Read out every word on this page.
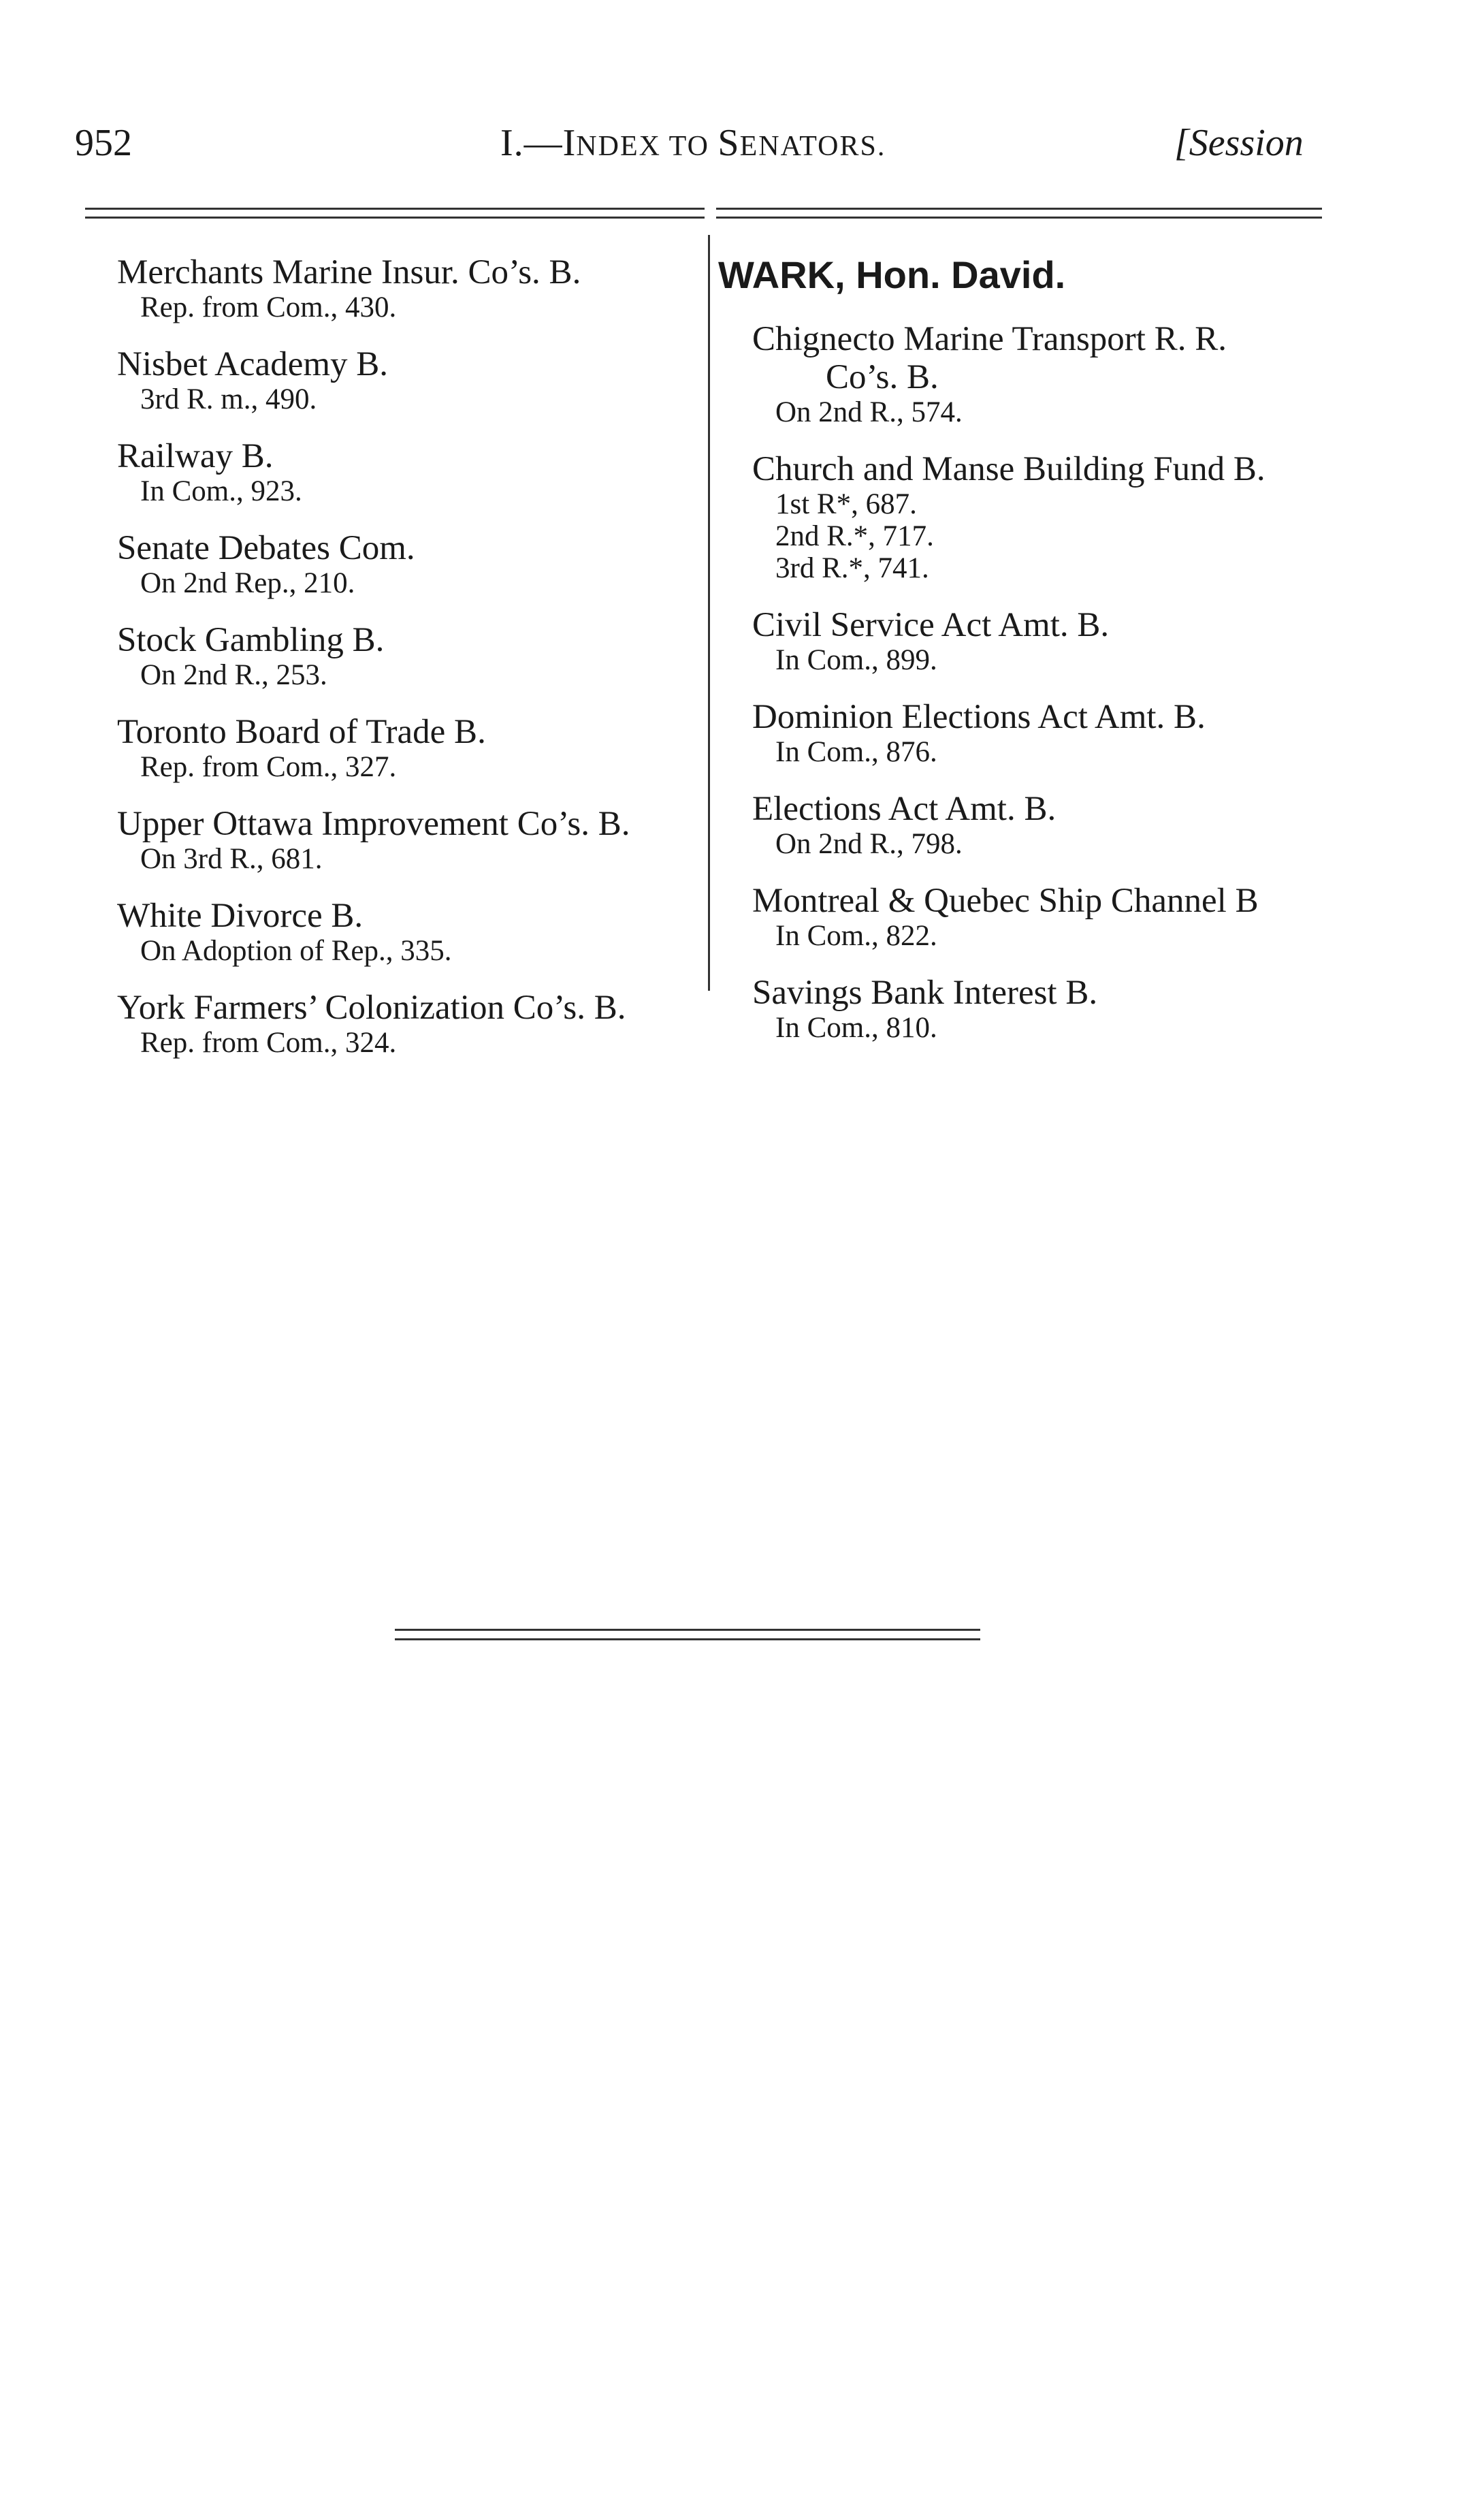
952	I.—INDEX TO SENATORS.	[Session
Merchants Marine Insur. Co’s. B.
Rep. from Com., 430.
Nisbet Academy B.
3rd R. m., 490.
Railway B.
In Com., 923.
Senate Debates Com.
On 2nd Rep., 210.
Stock Gambling B.
On 2nd R., 253.
Toronto Board of Trade B.
Rep. from Com., 327.
Upper Ottawa Improvement Co’s. B.
On 3rd R., 681.
White Divorce B.
On Adoption of Rep., 335.
York Farmers’ Colonization Co’s. B.
Rep. from Com., 324.
WARK, Hon. David.
Chignecto Marine Transport R. R.
Co’s. B.
On 2nd R., 574.
Church and Manse Building Fund B.
1st R*, 687.
2nd R.*, 717.
3rd R.*, 741.
Civil Service Act Amt. B.
In Com., 899.
Dominion Elections Act Amt. B.
In Com., 876.
Elections Act Amt. B.
On 2nd R., 798.
Montreal & Quebec Ship Channel B
In Com., 822.
Savings Bank Interest B.
In Com., 810.
